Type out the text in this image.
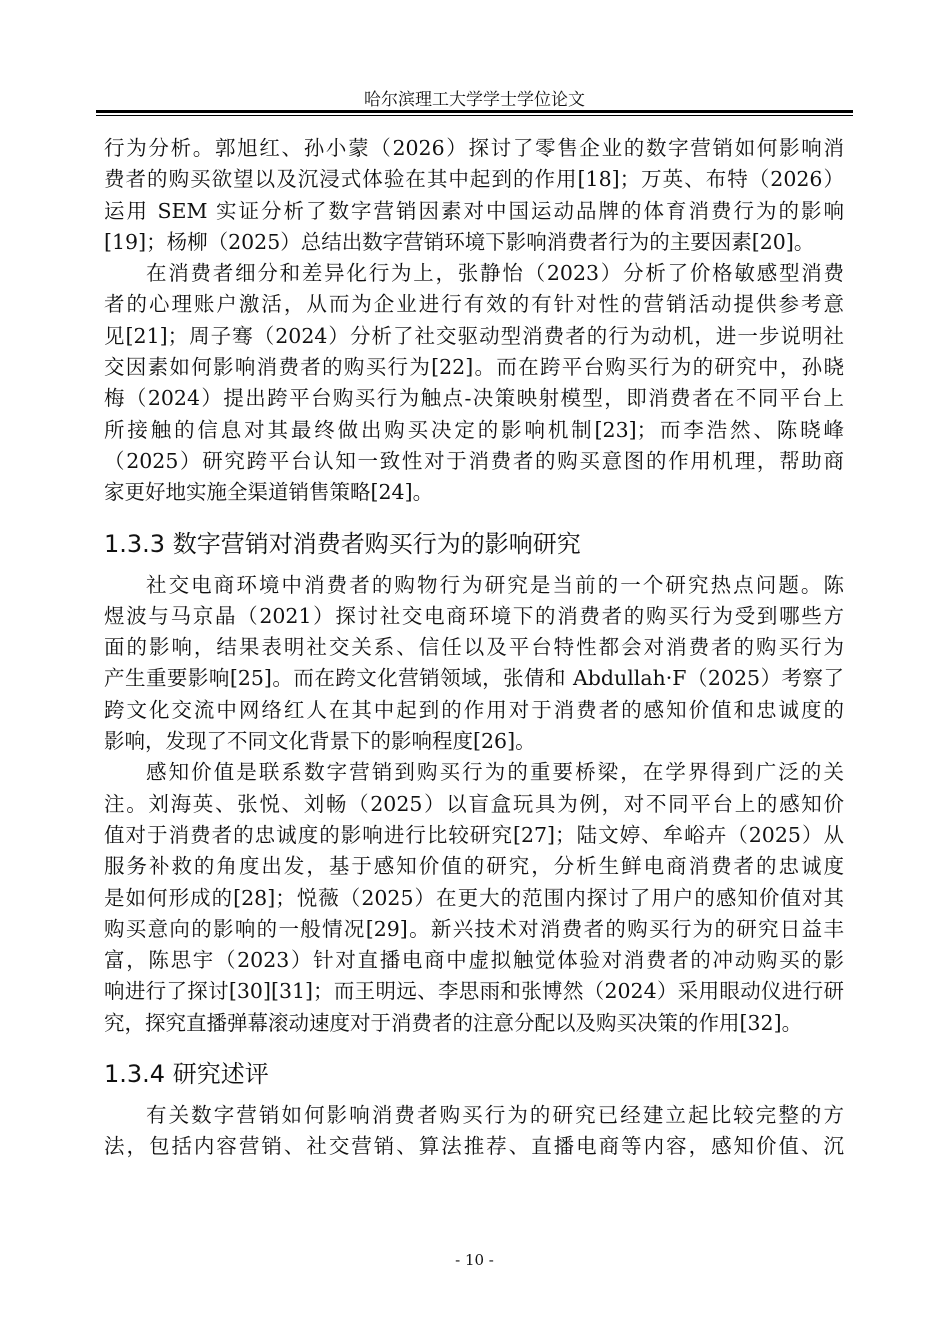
哈尔滨理工大学学士学位论文
行为分析。郭旭红、孙小蒙（2026）探讨了零售企业的数字营销如何影响消
费者的购买欲望以及沉浸式体验在其中起到的作用[18]；万英、布特（2026）
运用 SEM 实证分析了数字营销因素对中国运动品牌的体育消费行为的影响
[19]；杨柳（2025）总结出数字营销环境下影响消费者行为的主要因素[20]。
在消费者细分和差异化行为上，张静怡（2023）分析了价格敏感型消费
者的心理账户激活，从而为企业进行有效的有针对性的营销活动提供参考意
见[21]；周子骞（2024）分析了社交驱动型消费者的行为动机，进一步说明社
交因素如何影响消费者的购买行为[22]。而在跨平台购买行为的研究中，孙晓
梅（2024）提出跨平台购买行为触点-决策映射模型，即消费者在不同平台上
所接触的信息对其最终做出购买决定的影响机制[23]；而李浩然、陈晓峰
（2025）研究跨平台认知一致性对于消费者的购买意图的作用机理，帮助商
家更好地实施全渠道销售策略[24]。
1.3.3 数字营销对消费者购买行为的影响研究
社交电商环境中消费者的购物行为研究是当前的一个研究热点问题。陈
煜波与马京晶（2021）探讨社交电商环境下的消费者的购买行为受到哪些方
面的影响，结果表明社交关系、信任以及平台特性都会对消费者的购买行为
产生重要影响[25]。而在跨文化营销领域，张倩和 Abdullah·F（2025）考察了
跨文化交流中网络红人在其中起到的作用对于消费者的感知价值和忠诚度的
影响，发现了不同文化背景下的影响程度[26]。
感知价值是联系数字营销到购买行为的重要桥梁，在学界得到广泛的关
注。刘海英、张悦、刘畅（2025）以盲盒玩具为例，对不同平台上的感知价
值对于消费者的忠诚度的影响进行比较研究[27]；陆文婷、牟峪卉（2025）从
服务补救的角度出发，基于感知价值的研究，分析生鲜电商消费者的忠诚度
是如何形成的[28]；悦薇（2025）在更大的范围内探讨了用户的感知价值对其
购买意向的影响的一般情况[29]。新兴技术对消费者的购买行为的研究日益丰
富，陈思宇（2023）针对直播电商中虚拟触觉体验对消费者的冲动购买的影
响进行了探讨[30][31]；而王明远、李思雨和张博然（2024）采用眼动仪进行研
究，探究直播弹幕滚动速度对于消费者的注意分配以及购买决策的作用[32]。
1.3.4 研究述评
有关数字营销如何影响消费者购买行为的研究已经建立起比较完整的方
法，包括内容营销、社交营销、算法推荐、直播电商等内容，感知价值、沉
- 10 -
